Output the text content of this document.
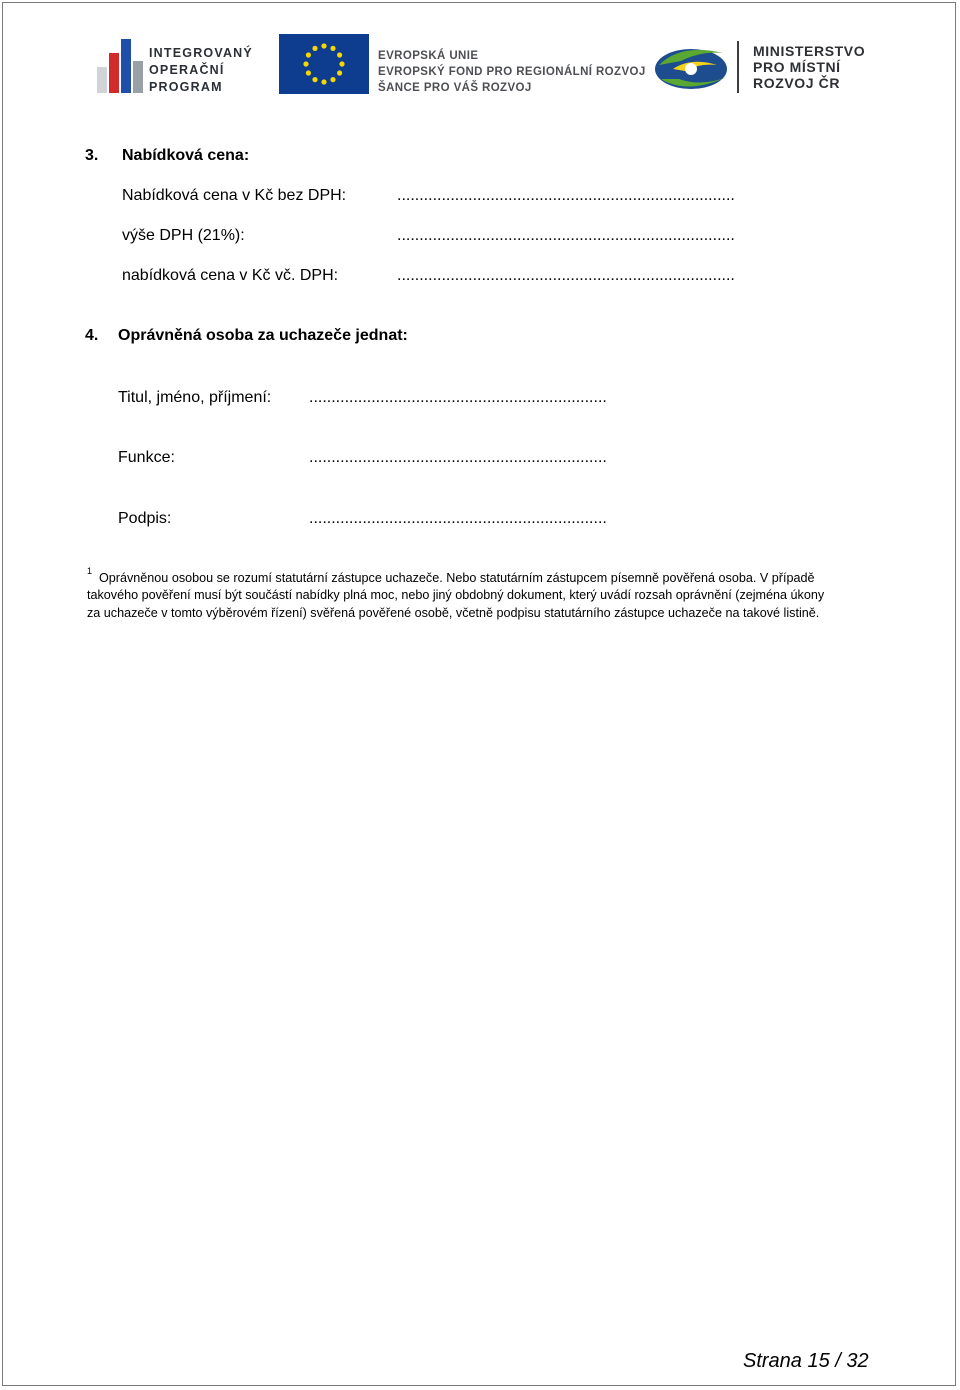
INTEGROVANÝ
OPERAČNÍ
PROGRAM
EVROPSKÁ UNIE
EVROPSKÝ FOND PRO REGIONÁLNÍ ROZVOJ
ŠANCE PRO VÁŠ ROZVOJ
MINISTERSTVO
PRO MÍSTNÍ
ROZVOJ ČR
3. Nabídková cena:
Nabídková cena v Kč bez DPH:	............................................................................
výše DPH (21%):	............................................................................
nabídková cena v Kč vč. DPH:	............................................................................
4. Oprávněná osoba za uchazeče jednat:
Titul, jméno, příjmení: ...................................................................
Funkce:	...................................................................
Podpis:	...................................................................
1 Oprávněnou osobou se rozumí statutární zástupce uchazeče. Nebo statutárním zástupcem písemně pověřená osoba. V případě
takového pověření musí být součástí nabídky plná moc, nebo jiný obdobný dokument, který uvádí rozsah oprávnění (zejména úkony
za uchazeče v tomto výběrovém řízení) svěřená pověřené osobě, včetně podpisu statutárního zástupce uchazeče na takové listině.
Strana 15 / 32
